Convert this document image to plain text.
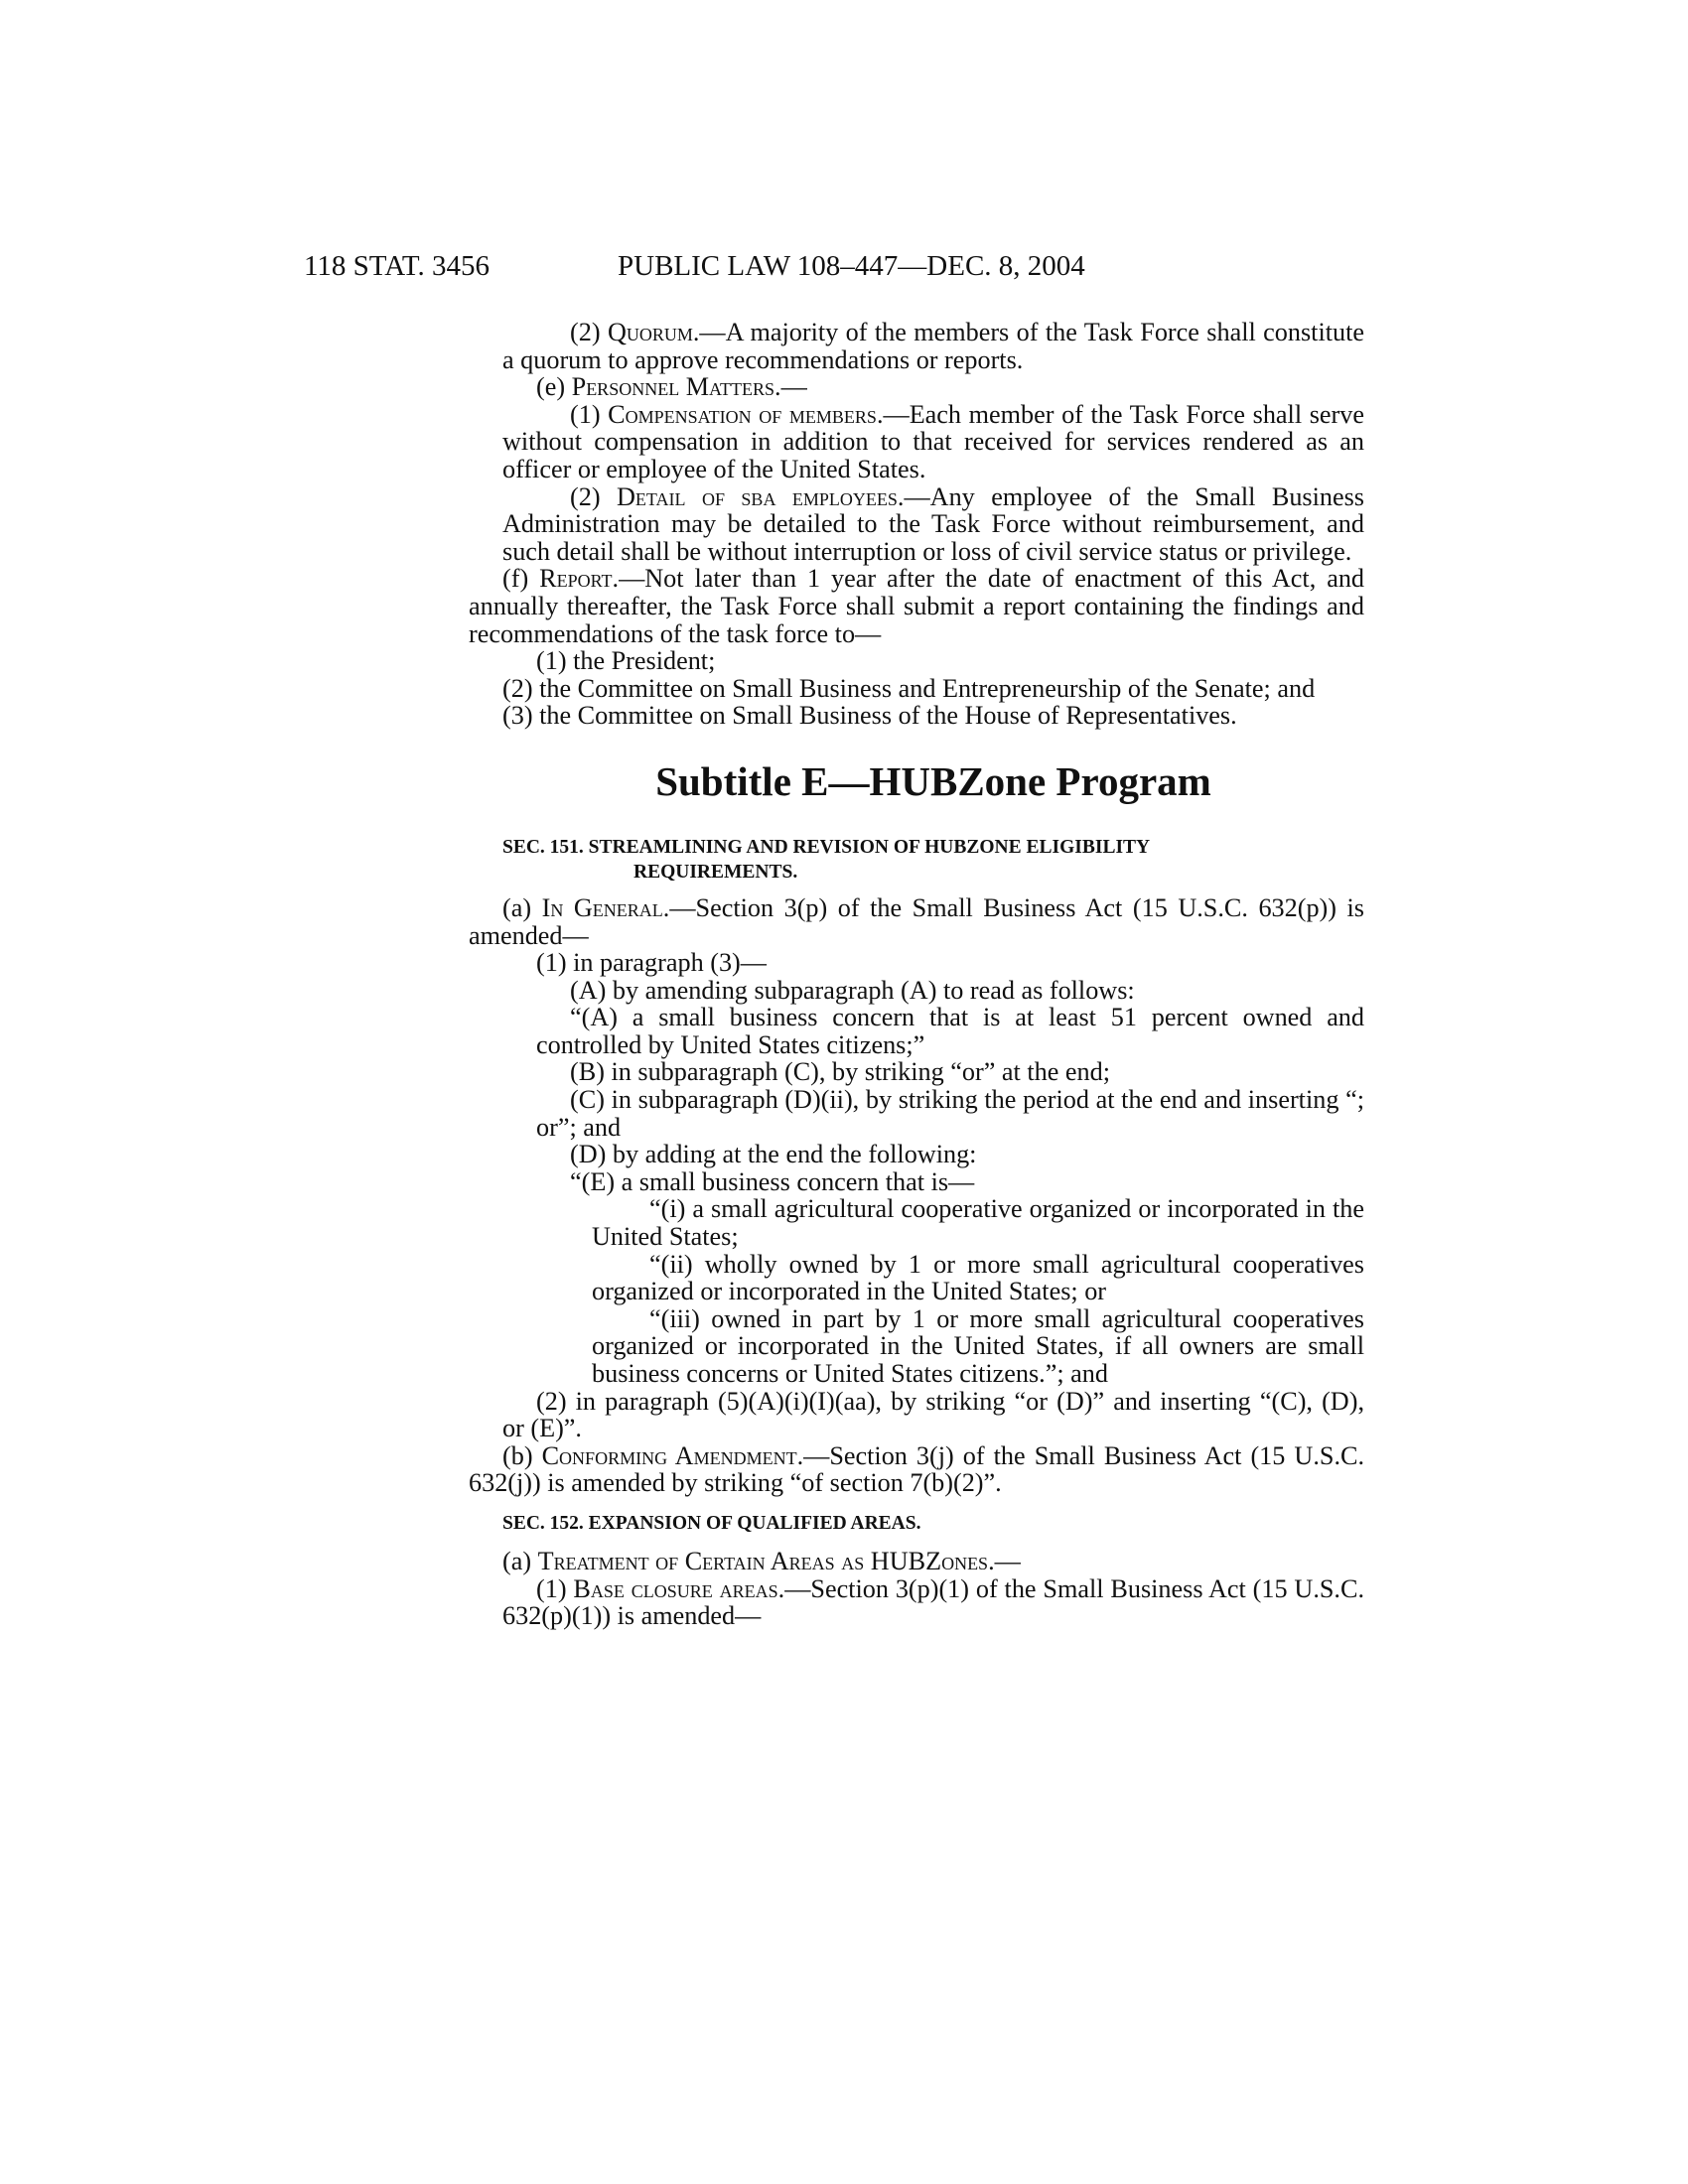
118 STAT. 3456	PUBLIC LAW 108–447—DEC. 8, 2004

(2) Quorum.—A majority of the members of the Task Force shall constitute a quorum to approve recommendations or reports.

(e) Personnel Matters.—

(1) Compensation of members.—Each member of the Task Force shall serve without compensation in addition to that received for services rendered as an officer or employee of the United States.

(2) Detail of sba employees.—Any employee of the Small Business Administration may be detailed to the Task Force without reimbursement, and such detail shall be without interruption or loss of civil service status or privilege.

(f) Report.—Not later than 1 year after the date of enactment of this Act, and annually thereafter, the Task Force shall submit a report containing the findings and recommendations of the task force to—

(1) the President;

(2) the Committee on Small Business and Entrepreneurship of the Senate; and

(3) the Committee on Small Business of the House of Representatives.

Subtitle E—HUBZone Program
SEC. 151. STREAMLINING AND REVISION OF HUBZONE ELIGIBILITY
REQUIREMENTS.

(a) In General.—Section 3(p) of the Small Business Act (15 U.S.C. 632(p)) is amended—

(1) in paragraph (3)—

(A) by amending subparagraph (A) to read as follows:

“(A) a small business concern that is at least 51 percent owned and controlled by United States citizens;”

(B) in subparagraph (C), by striking “or” at the end;

(C) in subparagraph (D)(ii), by striking the period at the end and inserting “; or”; and

(D) by adding at the end the following:

“(E) a small business concern that is—

“(i) a small agricultural cooperative organized or incorporated in the United States;

“(ii) wholly owned by 1 or more small agricultural cooperatives organized or incorporated in the United States; or

“(iii) owned in part by 1 or more small agricultural cooperatives organized or incorporated in the United States, if all owners are small business concerns or United States citizens.”; and

(2) in paragraph (5)(A)(i)(I)(aa), by striking “or (D)” and inserting “(C), (D), or (E)”.

(b) Conforming Amendment.—Section 3(j) of the Small Business Act (15 U.S.C. 632(j)) is amended by striking “of section 7(b)(2)”.

SEC. 152. EXPANSION OF QUALIFIED AREAS.

(a) Treatment of Certain Areas as HUBZones.—

(1) Base closure areas.—Section 3(p)(1) of the Small Business Act (15 U.S.C. 632(p)(1)) is amended—
